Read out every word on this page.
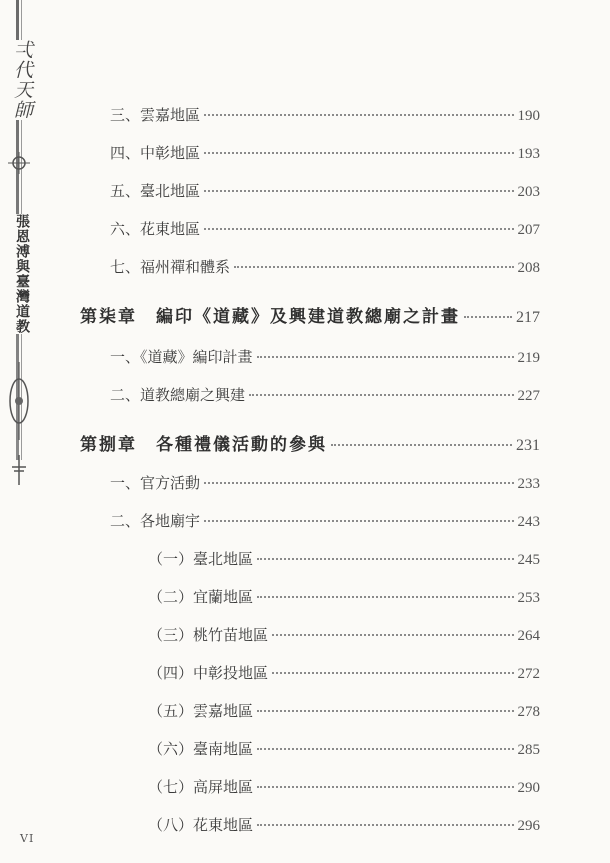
弌代天師
張恩溥與臺灣道教
VI
三、雲嘉地區	190
四、中彰地區	193
五、臺北地區	203
六、花東地區	207
七、福州禪和體系	208
第柒章　編印《道藏》及興建道教總廟之計畫	217
一、《道藏》編印計畫	219
二、道教總廟之興建	227
第捌章　各種禮儀活動的參與	231
一、官方活動	233
二、各地廟宇	243
（一）臺北地區	245
（二）宜蘭地區	253
（三）桃竹苗地區	264
（四）中彰投地區	272
（五）雲嘉地區	278
（六）臺南地區	285
（七）高屏地區	290
（八）花東地區	296
